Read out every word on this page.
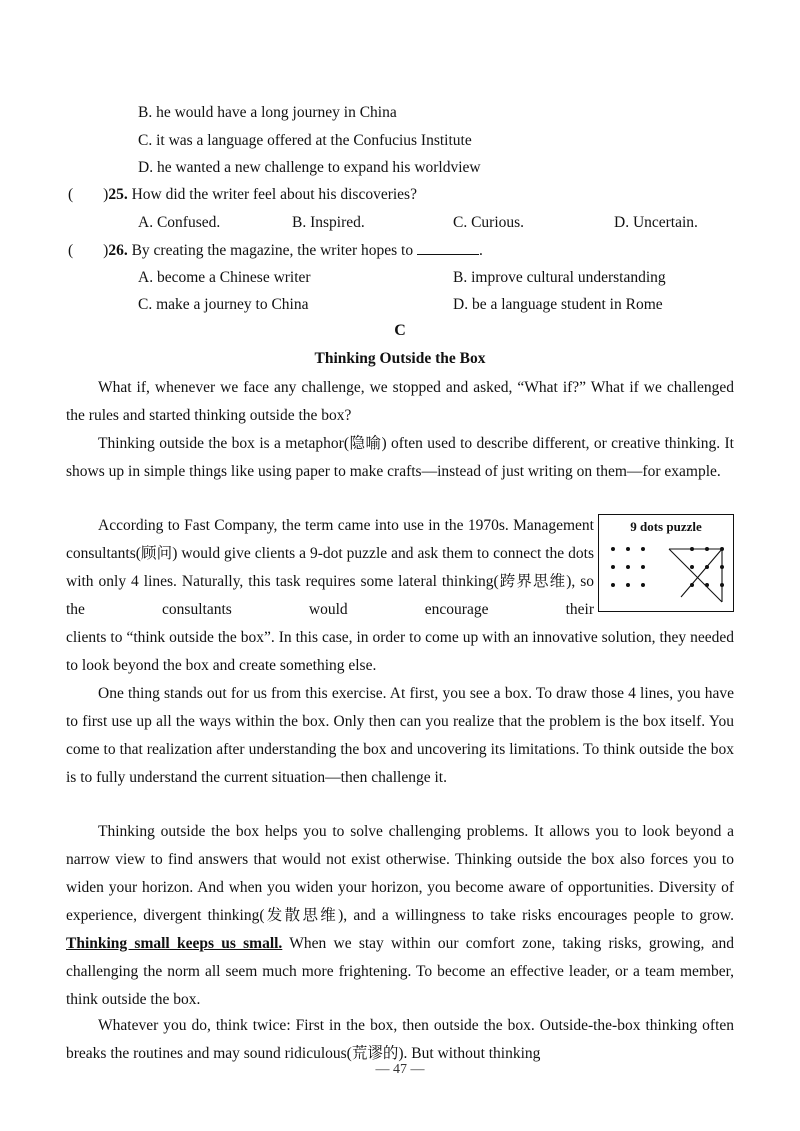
B. he would have a long journey in China
C. it was a language offered at the Confucius Institute
D. he wanted a new challenge to expand his worldview
( )25. How did the writer feel about his discoveries?
A. Confused.	B. Inspired.	C. Curious.	D. Uncertain.
( )26. By creating the magazine, the writer hopes to	.
A. become a Chinese writer	B. improve cultural understanding
C. make a journey to China	D. be a language student in Rome
C
Thinking Outside the Box

What if, whenever we face any challenge, we stopped and asked, “What if?” What if we challenged the rules and started thinking outside the box?

Thinking outside the box is a metaphor(隐喻) often used to describe different, or creative thinking. It shows up in simple things like using paper to make crafts—instead of just writing on them—for example.

According to Fast Company, the term came into use in the 1970s. Management consultants(顾问) would give clients a 9-dot puzzle and ask them to connect the dots with only 4 lines. Naturally, this task requires some lateral thinking(跨界思维), so the consultants would encourage their

9 dots puzzle

clients to “think outside the box”. In this case, in order to come up with an innovative solution, they needed to look beyond the box and create something else.

One thing stands out for us from this exercise. At first, you see a box. To draw those 4 lines, you have to first use up all the ways within the box. Only then can you realize that the problem is the box itself. You come to that realization after understanding the box and uncovering its limitations. To think outside the box is to fully understand the current situation—then challenge it.

Thinking outside the box helps you to solve challenging problems. It allows you to look beyond a narrow view to find answers that would not exist otherwise. Thinking outside the box also forces you to widen your horizon. And when you widen your horizon, you become aware of opportunities. Diversity of experience, divergent thinking(发散思维), and a willingness to take risks encourages people to grow. Thinking small keeps us small. When we stay within our comfort zone, taking risks, growing, and challenging the norm all seem much more frightening. To become an effective leader, or a team member, think outside the box.

Whatever you do, think twice: First in the box, then outside the box. Outside-the-box thinking often breaks the routines and may sound ridiculous(荒谬的). But without thinking

— 47 —
